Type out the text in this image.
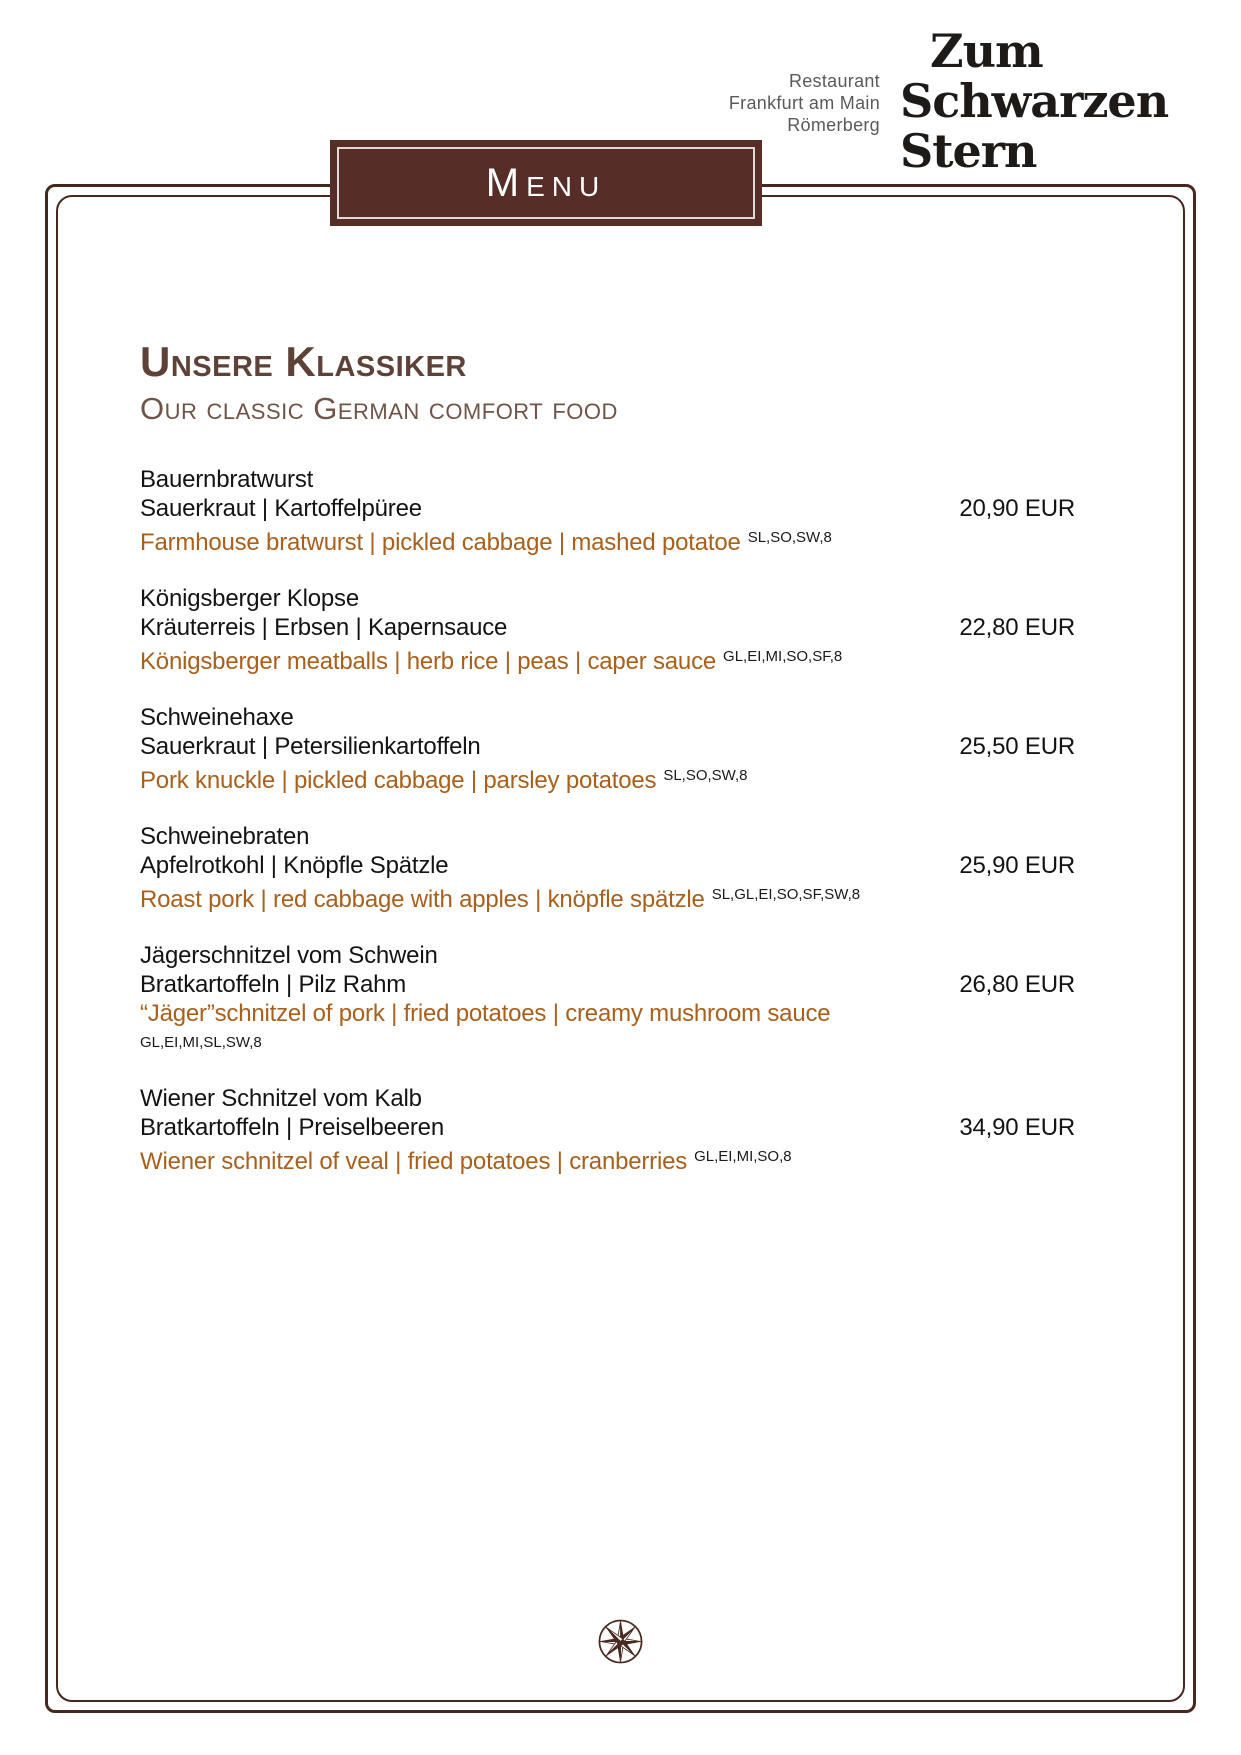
Restaurant
Frankfurt am Main
Römerberg
Zum
Schwarzen
Stern
Menu
Unsere Klassiker
Our classic German comfort food
Bauernbratwurst
Sauerkraut | Kartoffelpüree
Farmhouse bratwurst | pickled cabbage | mashed potatoe $^{SL,SO,SW,8}$
20,90 EUR
Königsberger Klopse
Kräuterreis | Erbsen | Kapernsauce
Königsberger meatballs | herb rice | peas | caper sauce $^{GL,EI,MI,SO,SF,8}$
22,80 EUR
Schweinehaxe
Sauerkraut | Petersilienkartoffeln
Pork knuckle | pickled cabbage | parsley potatoes $^{SL,SO,SW,8}$
25,50 EUR
Schweinebraten
Apfelrotkohl | Knöpfle Spätzle
Roast pork | red cabbage with apples | knöpfle spätzle $^{SL,GL,EI,SO,SF,SW,8}$
25,90 EUR
Jägerschnitzel vom Schwein
Bratkartoffeln | Pilz Rahm
“Jäger”schnitzel of pork | fried potatoes | creamy mushroom sauce
GL,EI,MI,SL,SW,8
26,80 EUR
Wiener Schnitzel vom Kalb
Bratkartoffeln | Preiselbeeren
Wiener schnitzel of veal | fried potatoes | cranberries $^{GL,EI,MI,SO,8}$
34,90 EUR
